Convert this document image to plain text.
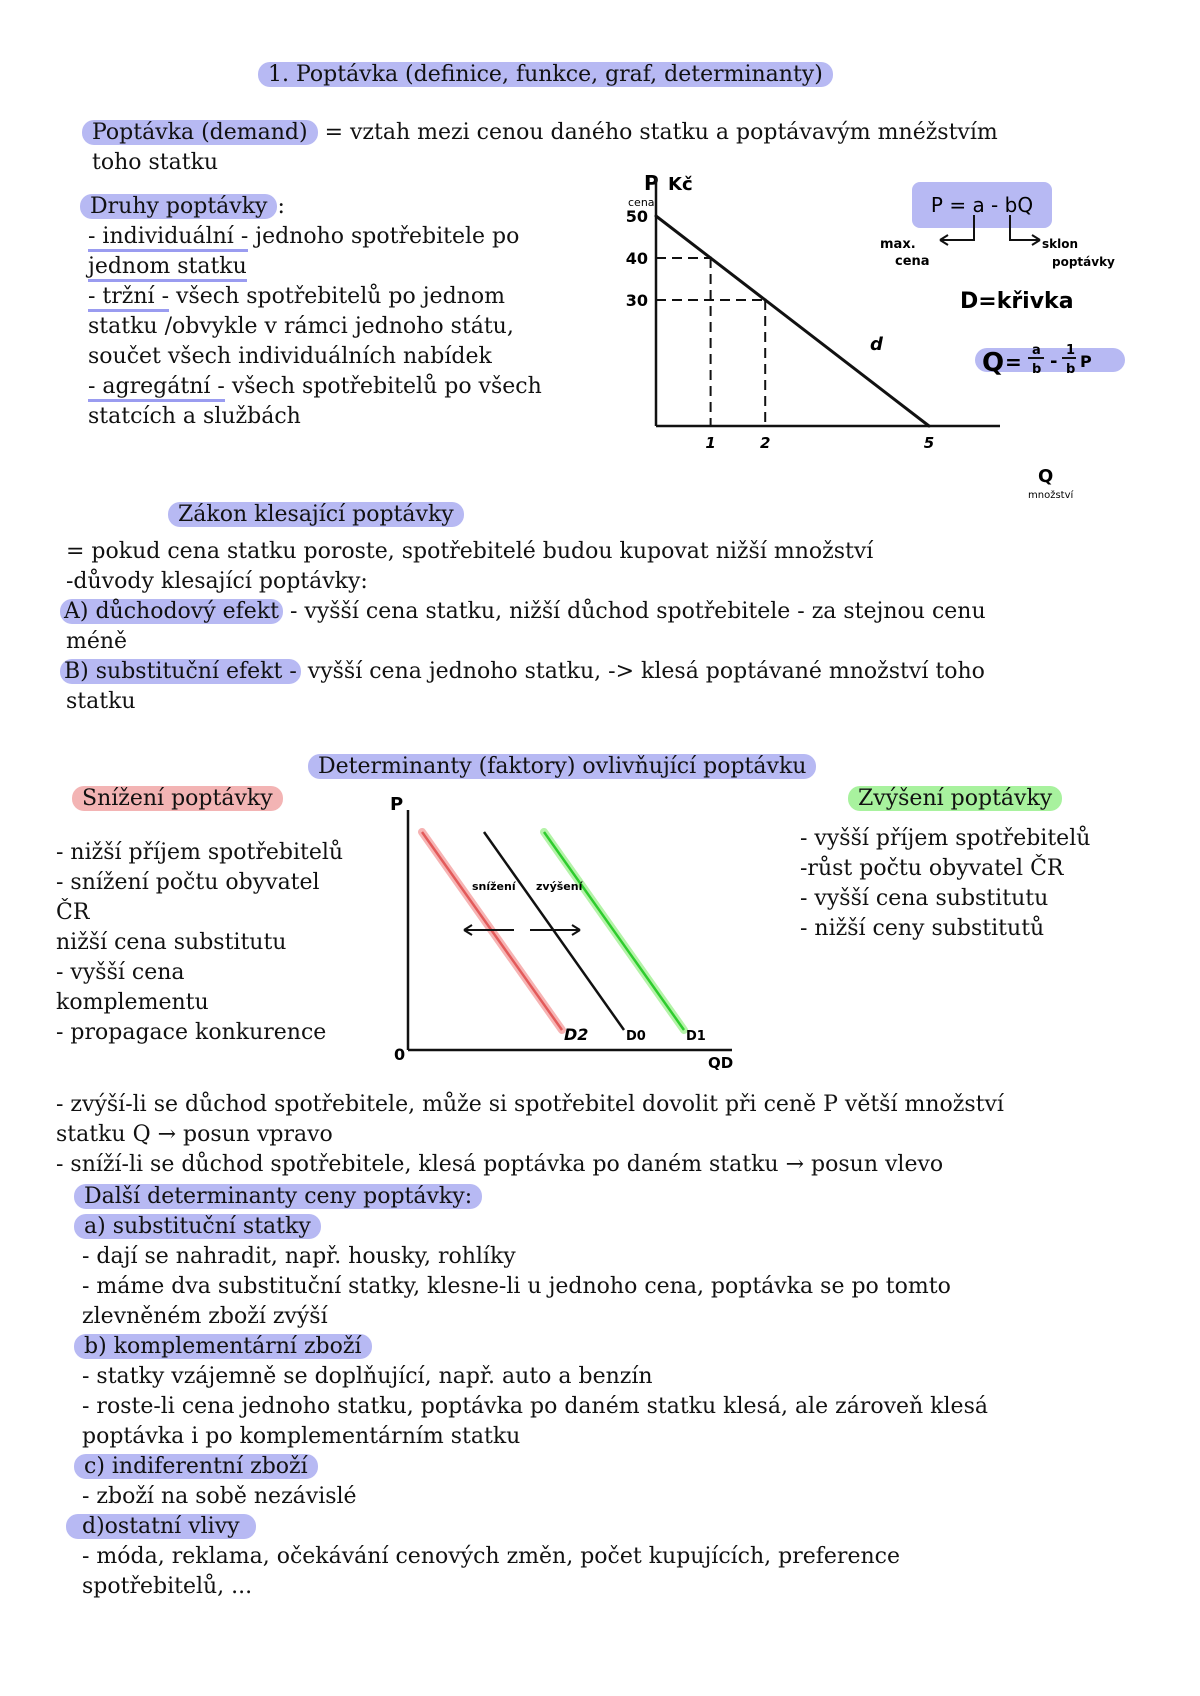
1. Poptávka (definice, funkce, graf, determinanty)
Poptávka (demand) = vztah mezi cenou daného statku a poptávavým mnéžstvím
toho statku
Druhy poptávky :
- individuální - jednoho spotřebitele po
jednom statku
- tržní - všech spotřebitelů po jednom
statku /obvykle v rámci jednoho státu,
součet všech individuálních nabídek
- agregátní - všech spotřebitelů po všech
statcích a službách
P = a - bQ
max.
cena
sklon
poptávky
D=křivka
Q = a
b -
1
b P
P Kč
cena
Q
množství
50
40
30
1	2	5
d
Zákon klesající poptávky
= pokud cena statku poroste, spotřebitelé budou kupovat nižší množství
-důvody klesající poptávky:
A) důchodový efekt - vyšší cena statku, nižší důchod spotřebitele - za stejnou cenu
méně
B) substituční efekt - vyšší cena jednoho statku, -> klesá poptávané množství toho
statku
Determinanty (faktory) ovlivňující poptávku
Snížení poptávky	Zvýšení poptávky
- nižší příjem spotřebitelů
- snížení počtu obyvatel
ČR
nižší cena substitutu
- vyšší cena
komplementu
- propagace konkurence
- vyšší příjem spotřebitelů
-růst počtu obyvatel ČR
- vyšší cena substitutu
- nižší ceny substitutů
P
0	QD
snížení zvýšení
D2	D0	D1
- zvýší-li se důchod spotřebitele, může si spotřebitel dovolit při ceně P větší množství
statku Q → posun vpravo
- sníží-li se důchod spotřebitele, klesá poptávka po daném statku → posun vlevo
Další determinanty ceny poptávky:
a) substituční statky
- dají se nahradit, např. housky, rohlíky
- máme dva substituční statky, klesne-li u jednoho cena, poptávka se po tomto
zlevněném zboží zvýší
b) komplementární zboží
- statky vzájemně se doplňující, např. auto a benzín
- roste-li cena jednoho statku, poptávka po daném statku klesá, ale zároveň klesá
poptávka i po komplementárním statku
c) indiferentní zboží
- zboží na sobě nezávislé
d)ostatní vlivy
- móda, reklama, očekávání cenových změn, počet kupujících, preference
spotřebitelů, ...
